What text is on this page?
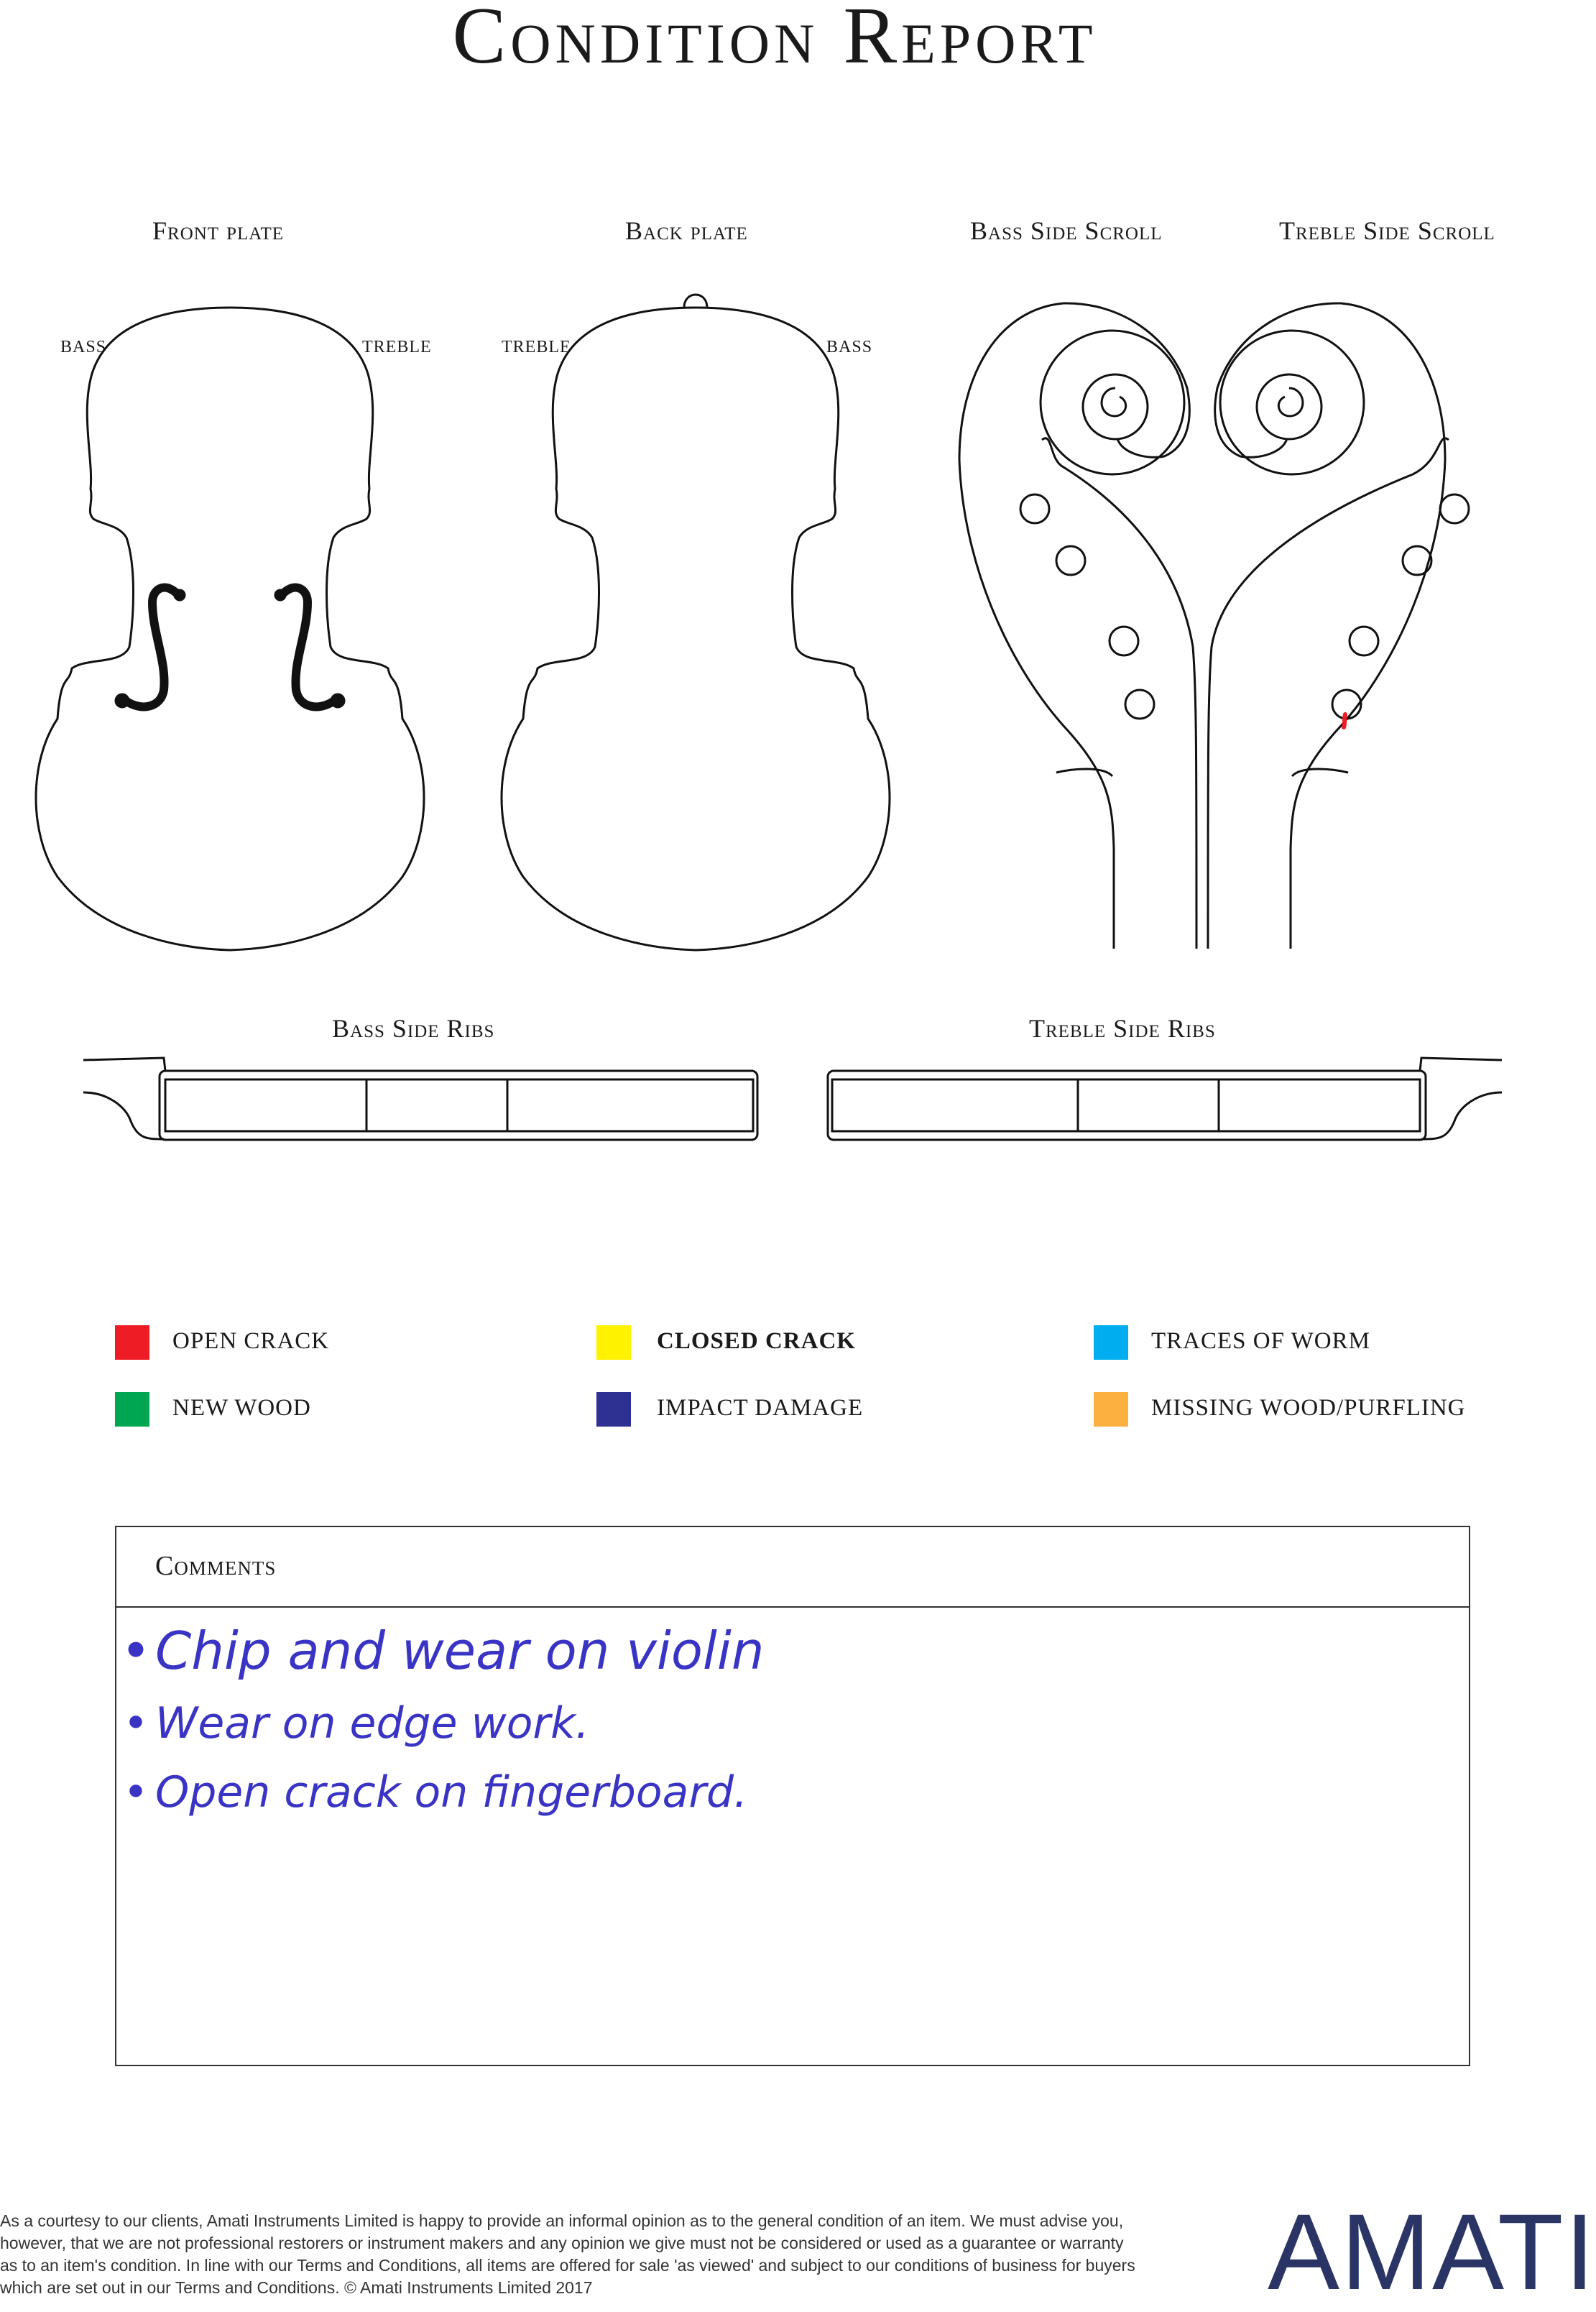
Condition Report
Front plate	Back plate	Bass Side Scroll	Treble Side Scroll
Bass Side Ribs	Treble Side Ribs
BASS	TREBLE	TREBLE	BASS
OPEN CRACK	CLOSED CRACK	TRACES OF WORM
NEW WOOD	IMPACT DAMAGE	MISSING WOOD/PURFLING
Comments
•Chip and wear on violin
• Wear on edge work.
• Open crack on fingerboard.
As a courtesy to our clients, Amati Instruments Limited is happy to provide an informal opinion as to the general condition of an item. We must advise you, however, that we are not professional restorers or instrument makers and any opinion we give must not be considered or used as a guarantee or warranty as to an item's condition. In line with our Terms and Conditions, all items are offered for sale 'as viewed' and subject to our conditions of business for buyers which are set out in our Terms and Conditions. © Amati Instruments Limited 2017	AMATI
